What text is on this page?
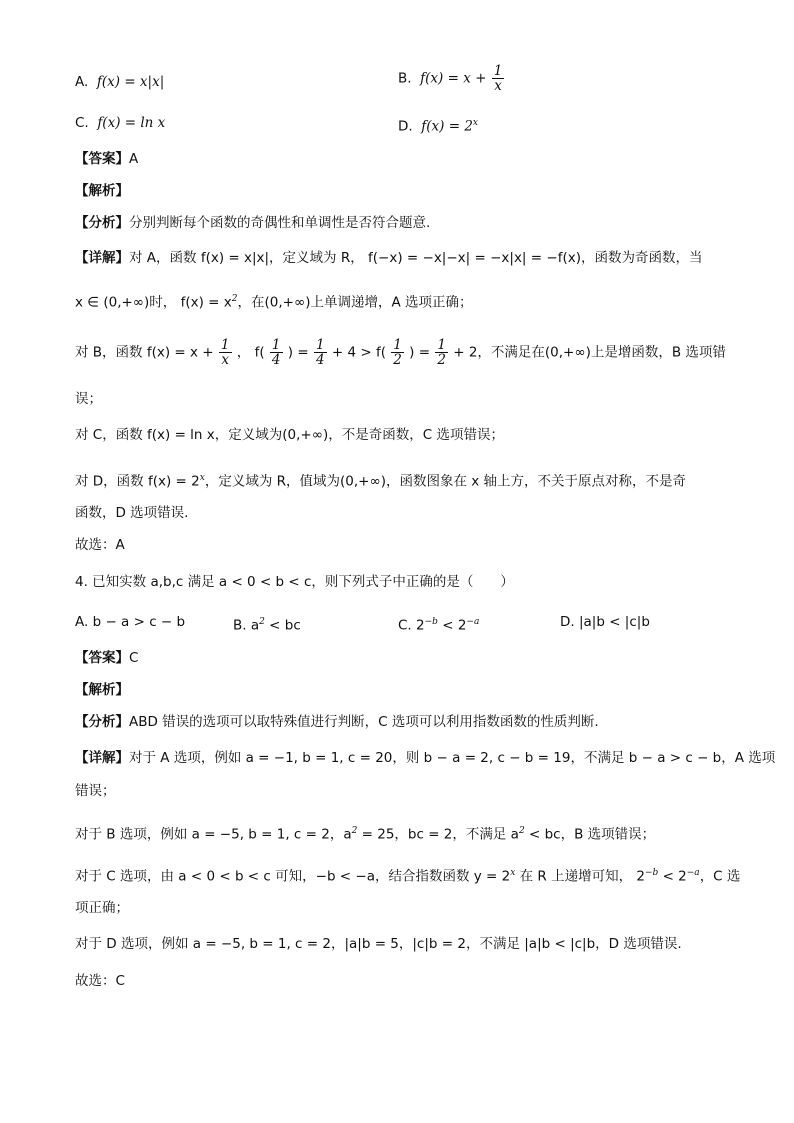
A. f(x) = x|x|	B. $f(x) = x + \frac{1}{x}$
C. f(x) = ln x	D. $f(x) = 2^x$
【答案】A
【解析】
【分析】分别判断每个函数的奇偶性和单调性是否符合题意.
【详解】对 A，函数 f(x) = x|x|，定义域为 R， f(−x) = −x|−x| = −x|x| = −f(x)，函数为奇函数，当
x ∈ (0,+∞)时， $f(x) = x^2$，在(0,+∞)上单调递增，A 选项正确；
对 B，函数 $f(x) = x + \frac{1}{x}$ ， $f( \frac{1}{4}$ ) = $\frac{1}{4} + 4 > f( \frac{1}{2}$ ) = $\frac{1}{2} + 2$，不满足在(0,+∞)上是增函数，B 选项错
误；
对 C，函数 f(x) = ln x，定义域为(0,+∞)，不是奇函数，C 选项错误；
对 D，函数 $f(x) = 2^x$，定义域为 R，值域为(0,+∞)，函数图象在 x 轴上方，不关于原点对称，不是奇
函数，D 选项错误.
故选：A
4. 已知实数 a,b,c 满足 a < 0 < b < c，则下列式子中正确的是（　　）
A. b − a > c − b	B. $a^2$ < bc	C. $2^{-b} < 2^{-a}$	D. |a|b < |c|b
【答案】C
【解析】
【分析】ABD 错误的选项可以取特殊值进行判断，C 选项可以利用指数函数的性质判断.
【详解】对于 A 选项，例如 a = −1, b = 1, c = 20，则 b − a = 2, c − b = 19，不满足 b − a > c − b，A 选项
错误；
对于 B 选项，例如 a = −5, b = 1, c = 2，$a^2 = 25$，bc = 2，不满足 $a^2$ < bc，B 选项错误；
对于 C 选项，由 a < 0 < b < c 可知，−b < −a，结合指数函数 $y = 2^x$ 在 R 上递增可知， $2^{-b} < 2^{-a}$，C 选
项正确；
对于 D 选项，例如 a = −5, b = 1, c = 2，|a|b = 5，|c|b = 2，不满足 |a|b < |c|b，D 选项错误.
故选：C
